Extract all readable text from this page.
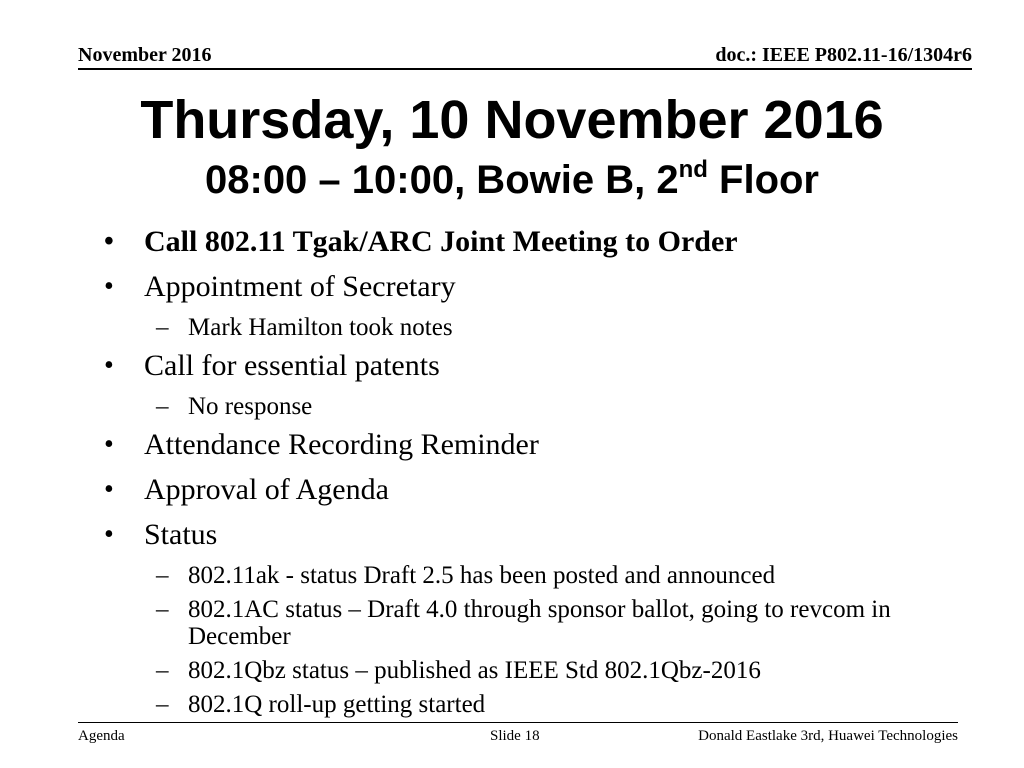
November 2016	doc.: IEEE P802.11-16/1304r6
Thursday, 10 November 2016
08:00 – 10:00, Bowie B, 2nd Floor
• Call 802.11 Tgak/ARC Joint Meeting to Order
• Appointment of Secretary
– Mark Hamilton took notes
• Call for essential patents
– No response
• Attendance Recording Reminder
• Approval of Agenda
• Status
– 802.11ak - status Draft 2.5 has been posted and announced
– 802.1AC status – Draft 4.0 through sponsor ballot, going to revcom in December
– 802.1Qbz status – published as IEEE Std 802.1Qbz-2016
– 802.1Q roll-up getting started
Agenda	Slide 18	Donald Eastlake 3rd, Huawei Technologies
